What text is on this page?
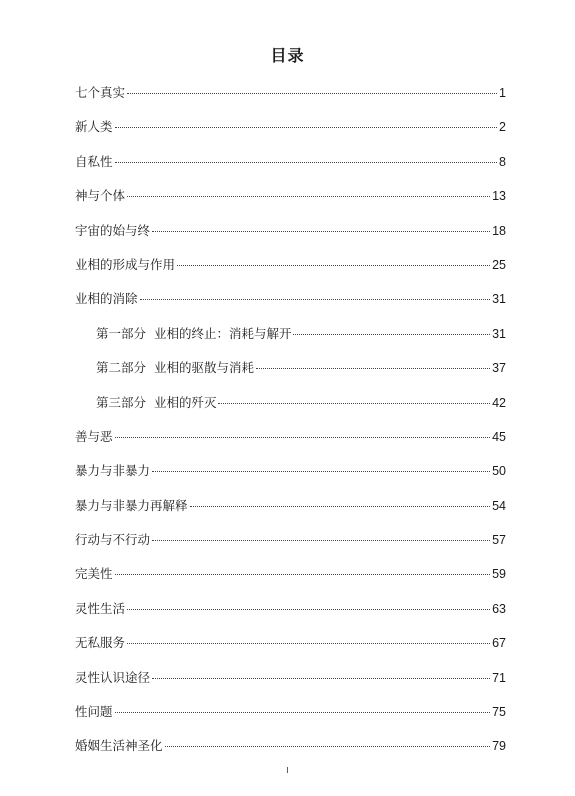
目录
七个真实	1
新人类	2
自私性	8
神与个体	13
宇宙的始与终	18
业相的形成与作用	25
业相的消除	31
第一部分  业相的终止：消耗与解开	31
第二部分  业相的驱散与消耗	37
第三部分  业相的歼灭	42
善与恶	45
暴力与非暴力	50
暴力与非暴力再解释	54
行动与不行动	57
完美性	59
灵性生活	63
无私服务	67
灵性认识途径	71
性问题	75
婚姻生活神圣化	79
I
